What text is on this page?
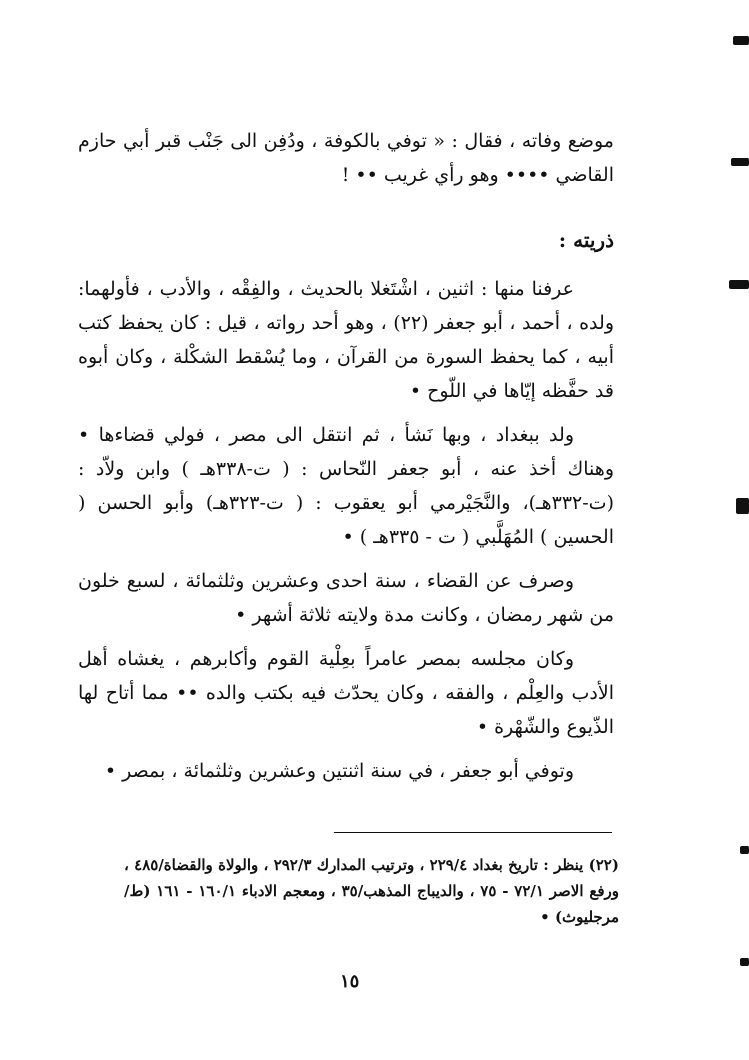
موضع وفاته ، فقال : « توفي بالكوفة ، ودُفِن الى جَنْب قبر أبي حازم القاضي •••• وهو رأي غريب •• !

ذريته :

عرفنا منها : اثنين ، اشْتَغلا بالحديث ، والفِقْه ، والأدب ، فأولهما: ولده ، أحمد ، أبو جعفر (٢٢) ، وهو أحد رواته ، قيل : كان يحفظ كتب أبيه ، كما يحفظ السورة من القرآن ، وما يُسْقط الشكْلة ، وكان أبوه قد حفَّظه إيّاها في اللّوح •

ولد ببغداد ، وبها نَشأ ، ثم انتقل الى مصر ، فولي قضاءها • وهناك أخذ عنه ، أبو جعفر النّحاس : ( ت-٣٣٨هـ ) وابن ولاّد : (ت-٣٣٢هـ)، والنَّجَيْرمي أبو يعقوب : ( ت-٣٢٣هـ) وأبو الحسن ( الحسين ) المُهَلَّبي ( ت - ٣٣٥هـ ) •

وصرف عن القضاء ، سنة احدى وعشرين وثلثمائة ، لسبع خلون من شهر رمضان ، وكانت مدة ولايته ثلاثة أشهر •

وكان مجلسه بمصر عامراً بعِلْية القوم وأكابرهم ، يغشاه أهل الأدب والعِلْم ، والفقه ، وكان يحدّث فيه بكتب والده •• مما أتاح لها الذّيوع والشّهْرة •

وتوفي أبو جعفر ، في سنة اثنتين وعشرين وثلثمائة ، بمصر •

(٢٢) ينظر : تاريخ بغداد ٢٢٩/٤ ، وترتيب المدارك ٢٩٢/٣ ، والولاة والقضاة/٤٨٥ ، ورفع الاصر ٧٢/١ - ٧٥ ، والديباج المذهب/٣٥ ، ومعجم الادباء ١٦٠/١ - ١٦١ (ط/مرجليوث) •
١٥
